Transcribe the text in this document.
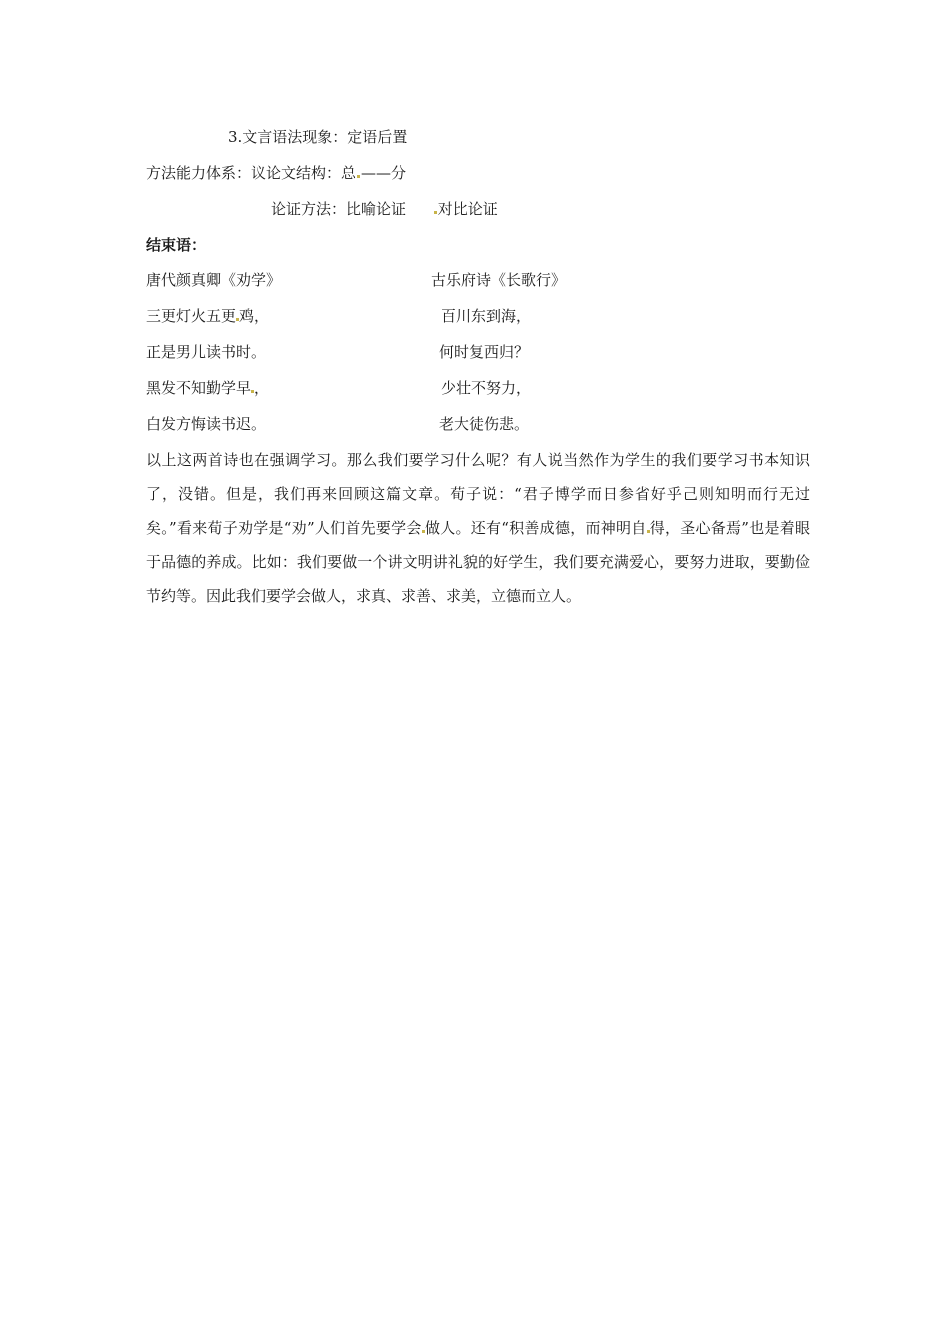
3.文言语法现象：定语后置
方法能力体系：议论文结构：总 ——分
论证方法：比喻论证 对比论证
结束语：
唐代颜真卿《劝学》	古乐府诗《长歌行》
三更灯火五更 鸡，	百川东到海，
正是男儿读书时。	何时复西归？
黑发不知勤学早 ，	少壮不努力，
白发方悔读书迟。	老大徒伤悲。
以上这两首诗也在强调学习。那么我们要学习什么呢？有人说当然作为学生的我们要学习书本知识了，没错。但是，我们再来回顾这篇文章。荀子说：“君子博学而日参省好乎己则知明而行无过矣。”看来荀子劝学是“劝”人们首先要学会 做人。还有“积善成德，而神明自 得，圣心备焉”也是着眼于品德的养成。比如：我们要做一个讲文明讲礼貌的好学生，我们要充满爱心，要努力进取，要勤俭节约等。因此我们要学会做人，求真、求善、求美，立德而立人。
